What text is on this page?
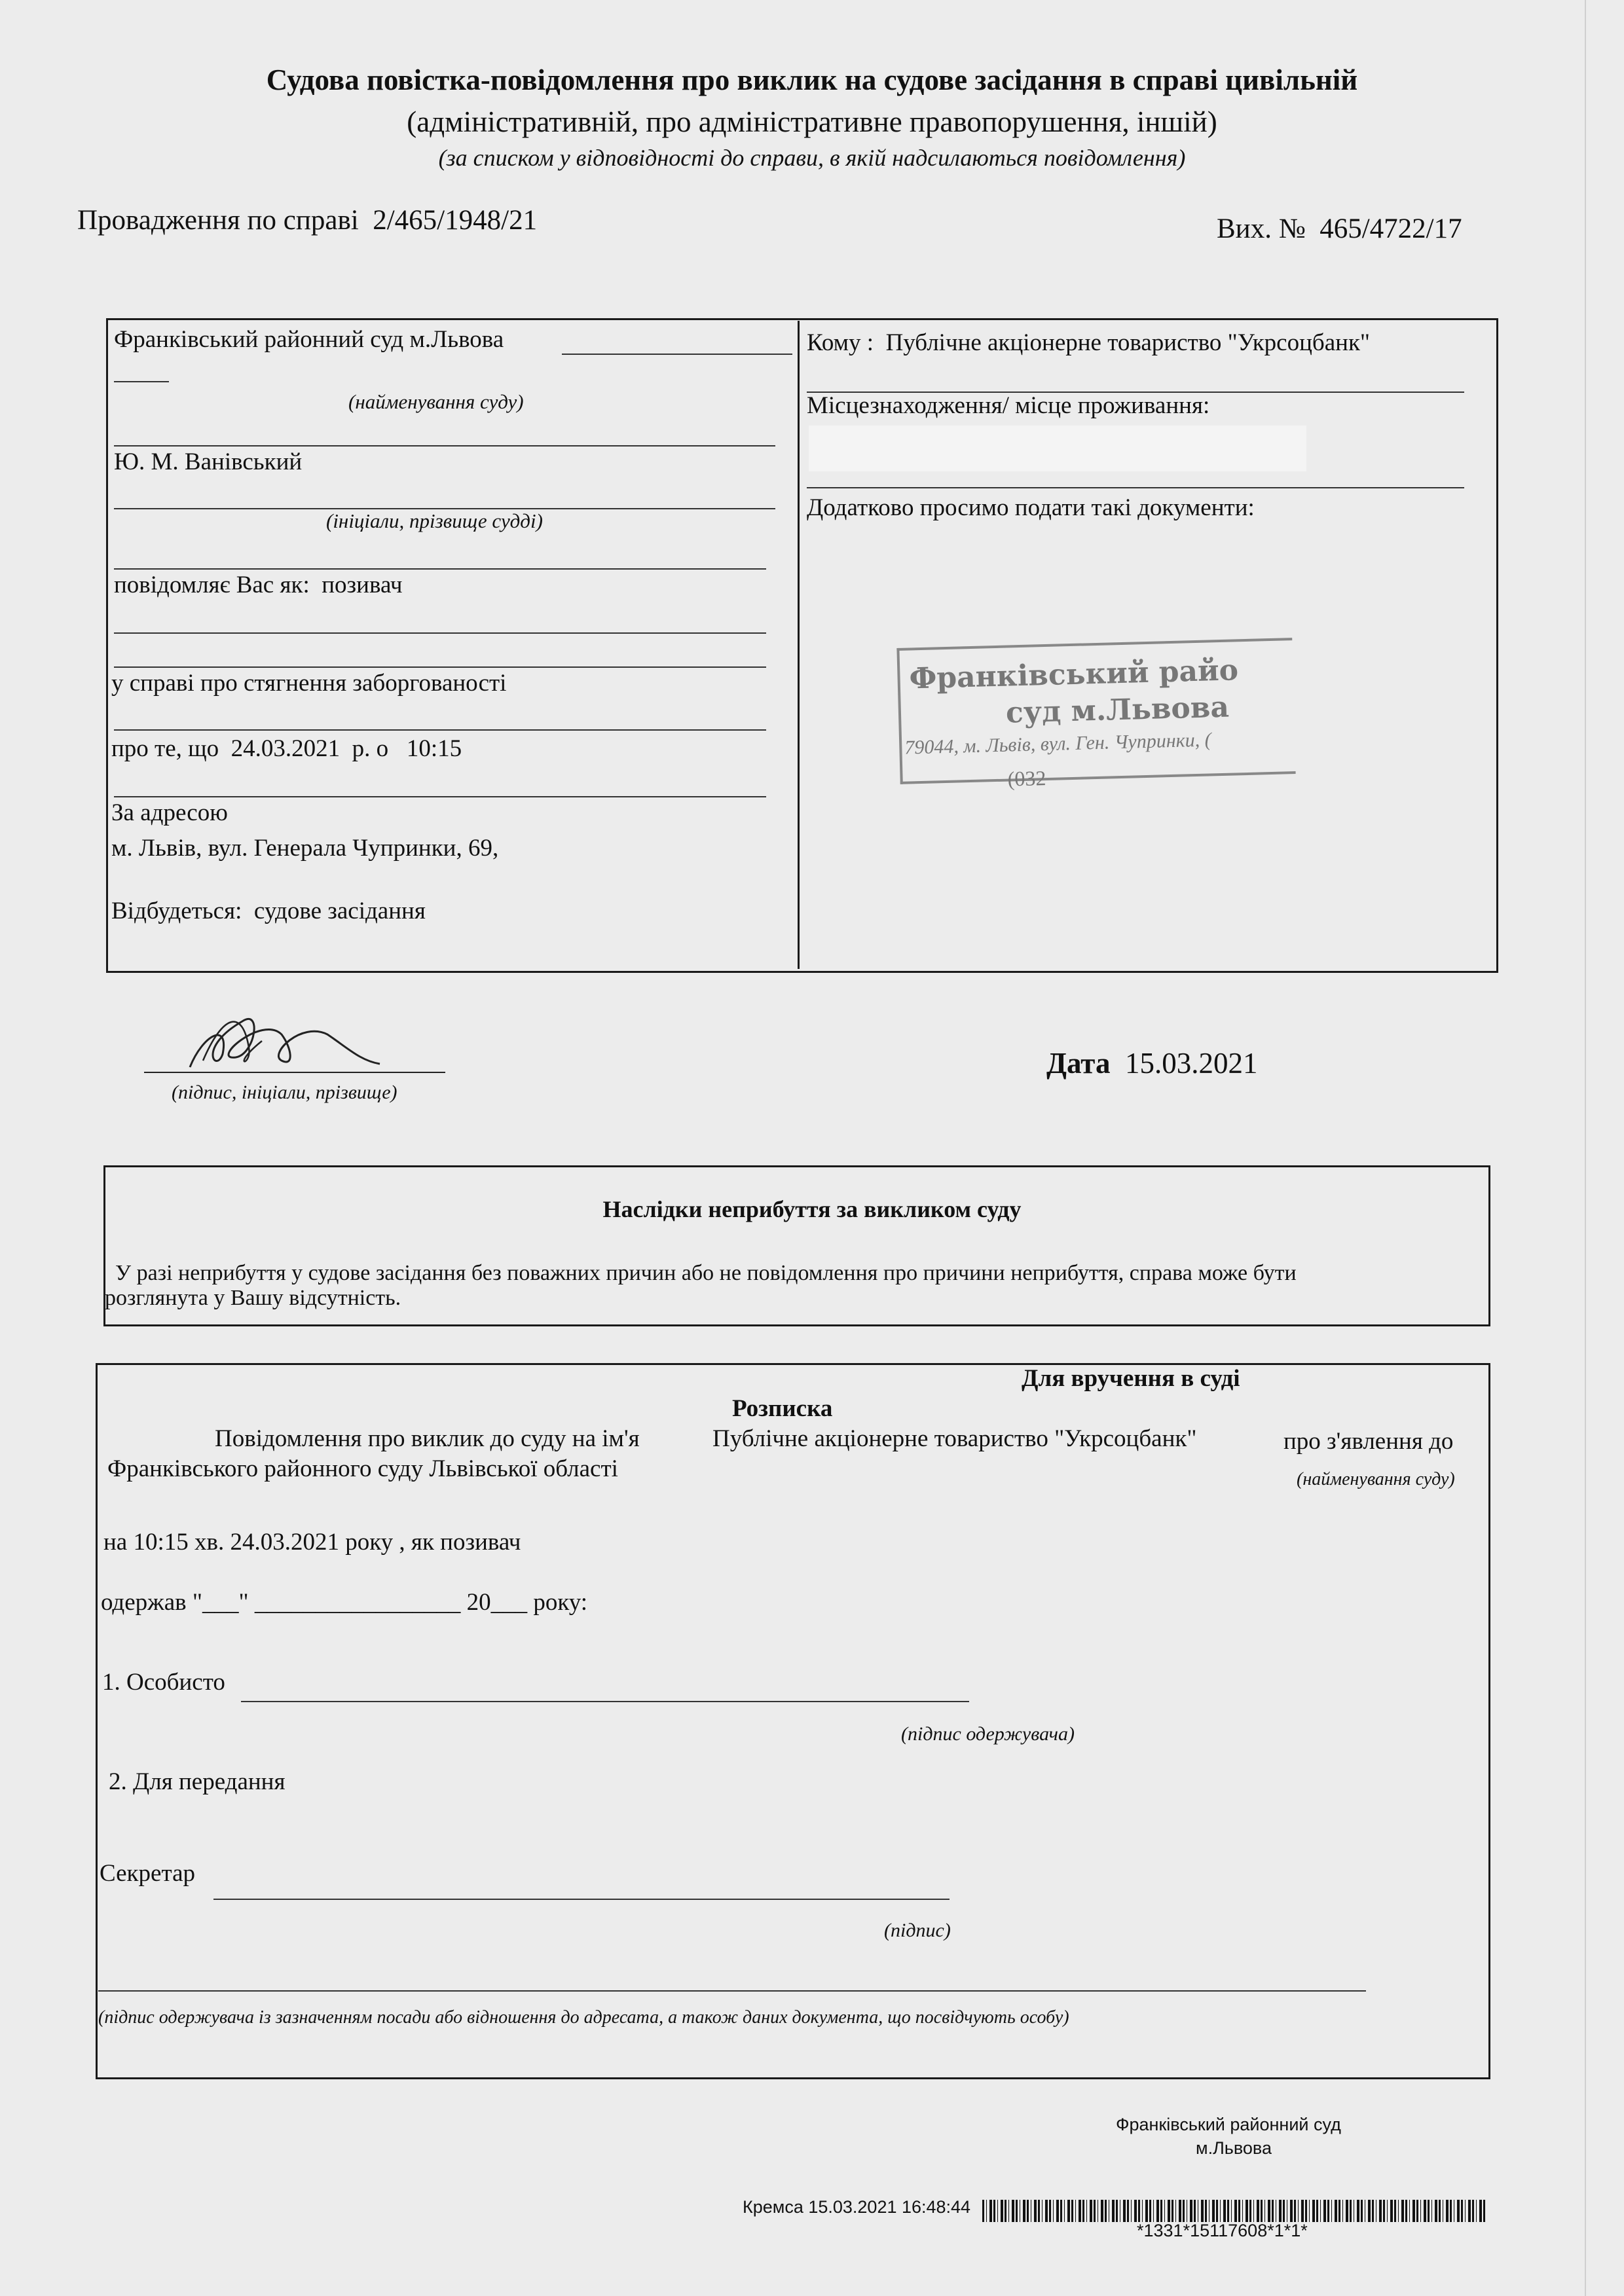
Судова повістка-повідомлення про виклик на судове засідання в справі цивільній
(адміністративній, про адміністративне правопорушення, іншій)
(за списком у відповідності до справи, в якій надсилаються повідомлення)
Провадження по справі 2/465/1948/21	Вих. № 465/4722/17
Франківський районний суд м.Львова
(найменування суду)
Ю. М. Ванівський
(ініціали, прізвище судді)
повідомляє Вас як: позивач
у справі про стягнення заборгованості
про те, що 24.03.2021 р. о 10:15
За адресою
м. Львів, вул. Генерала Чупринки, 69,
Відбудеться: судове засідання
Кому : Публічне акціонерне товариство "Укрсоцбанк"
Місцезнаходження/ місце проживання:
Додатково просимо подати такі документи:
Франківський райо
суд м.Львова
79044, м. Львів, вул. Ген. Чупринки, (
(032
(підпис, ініціали, прізвище)
Дата 15.03.2021
Наслідки неприбуття за викликом суду
У разі неприбуття у судове засідання без поважних причин або не повідомлення про причини неприбуття, справа може бути
розглянута у Вашу відсутність.
Для вручення в суді
Розписка
Повідомлення про виклик до суду на ім'я	Публічне акціонерне товариство "Укрсоцбанк"	про з'явлення до
Франківського районного суду Львівської області	(найменування суду)
на 10:15 хв. 24.03.2021 року , як позивач
одержав "___" _________________ 20___ року:
1. Особисто
(підпис одержувача)
2. Для передання
Секретар
(підпис)
(підпис одержувача із зазначенням посади або відношення до адресата, а також даних документа, що посвідчують особу)
Франківський районний суд
м.Львова
Кремса 15.03.2021 16:48:44
*1331*15117608*1*1*
